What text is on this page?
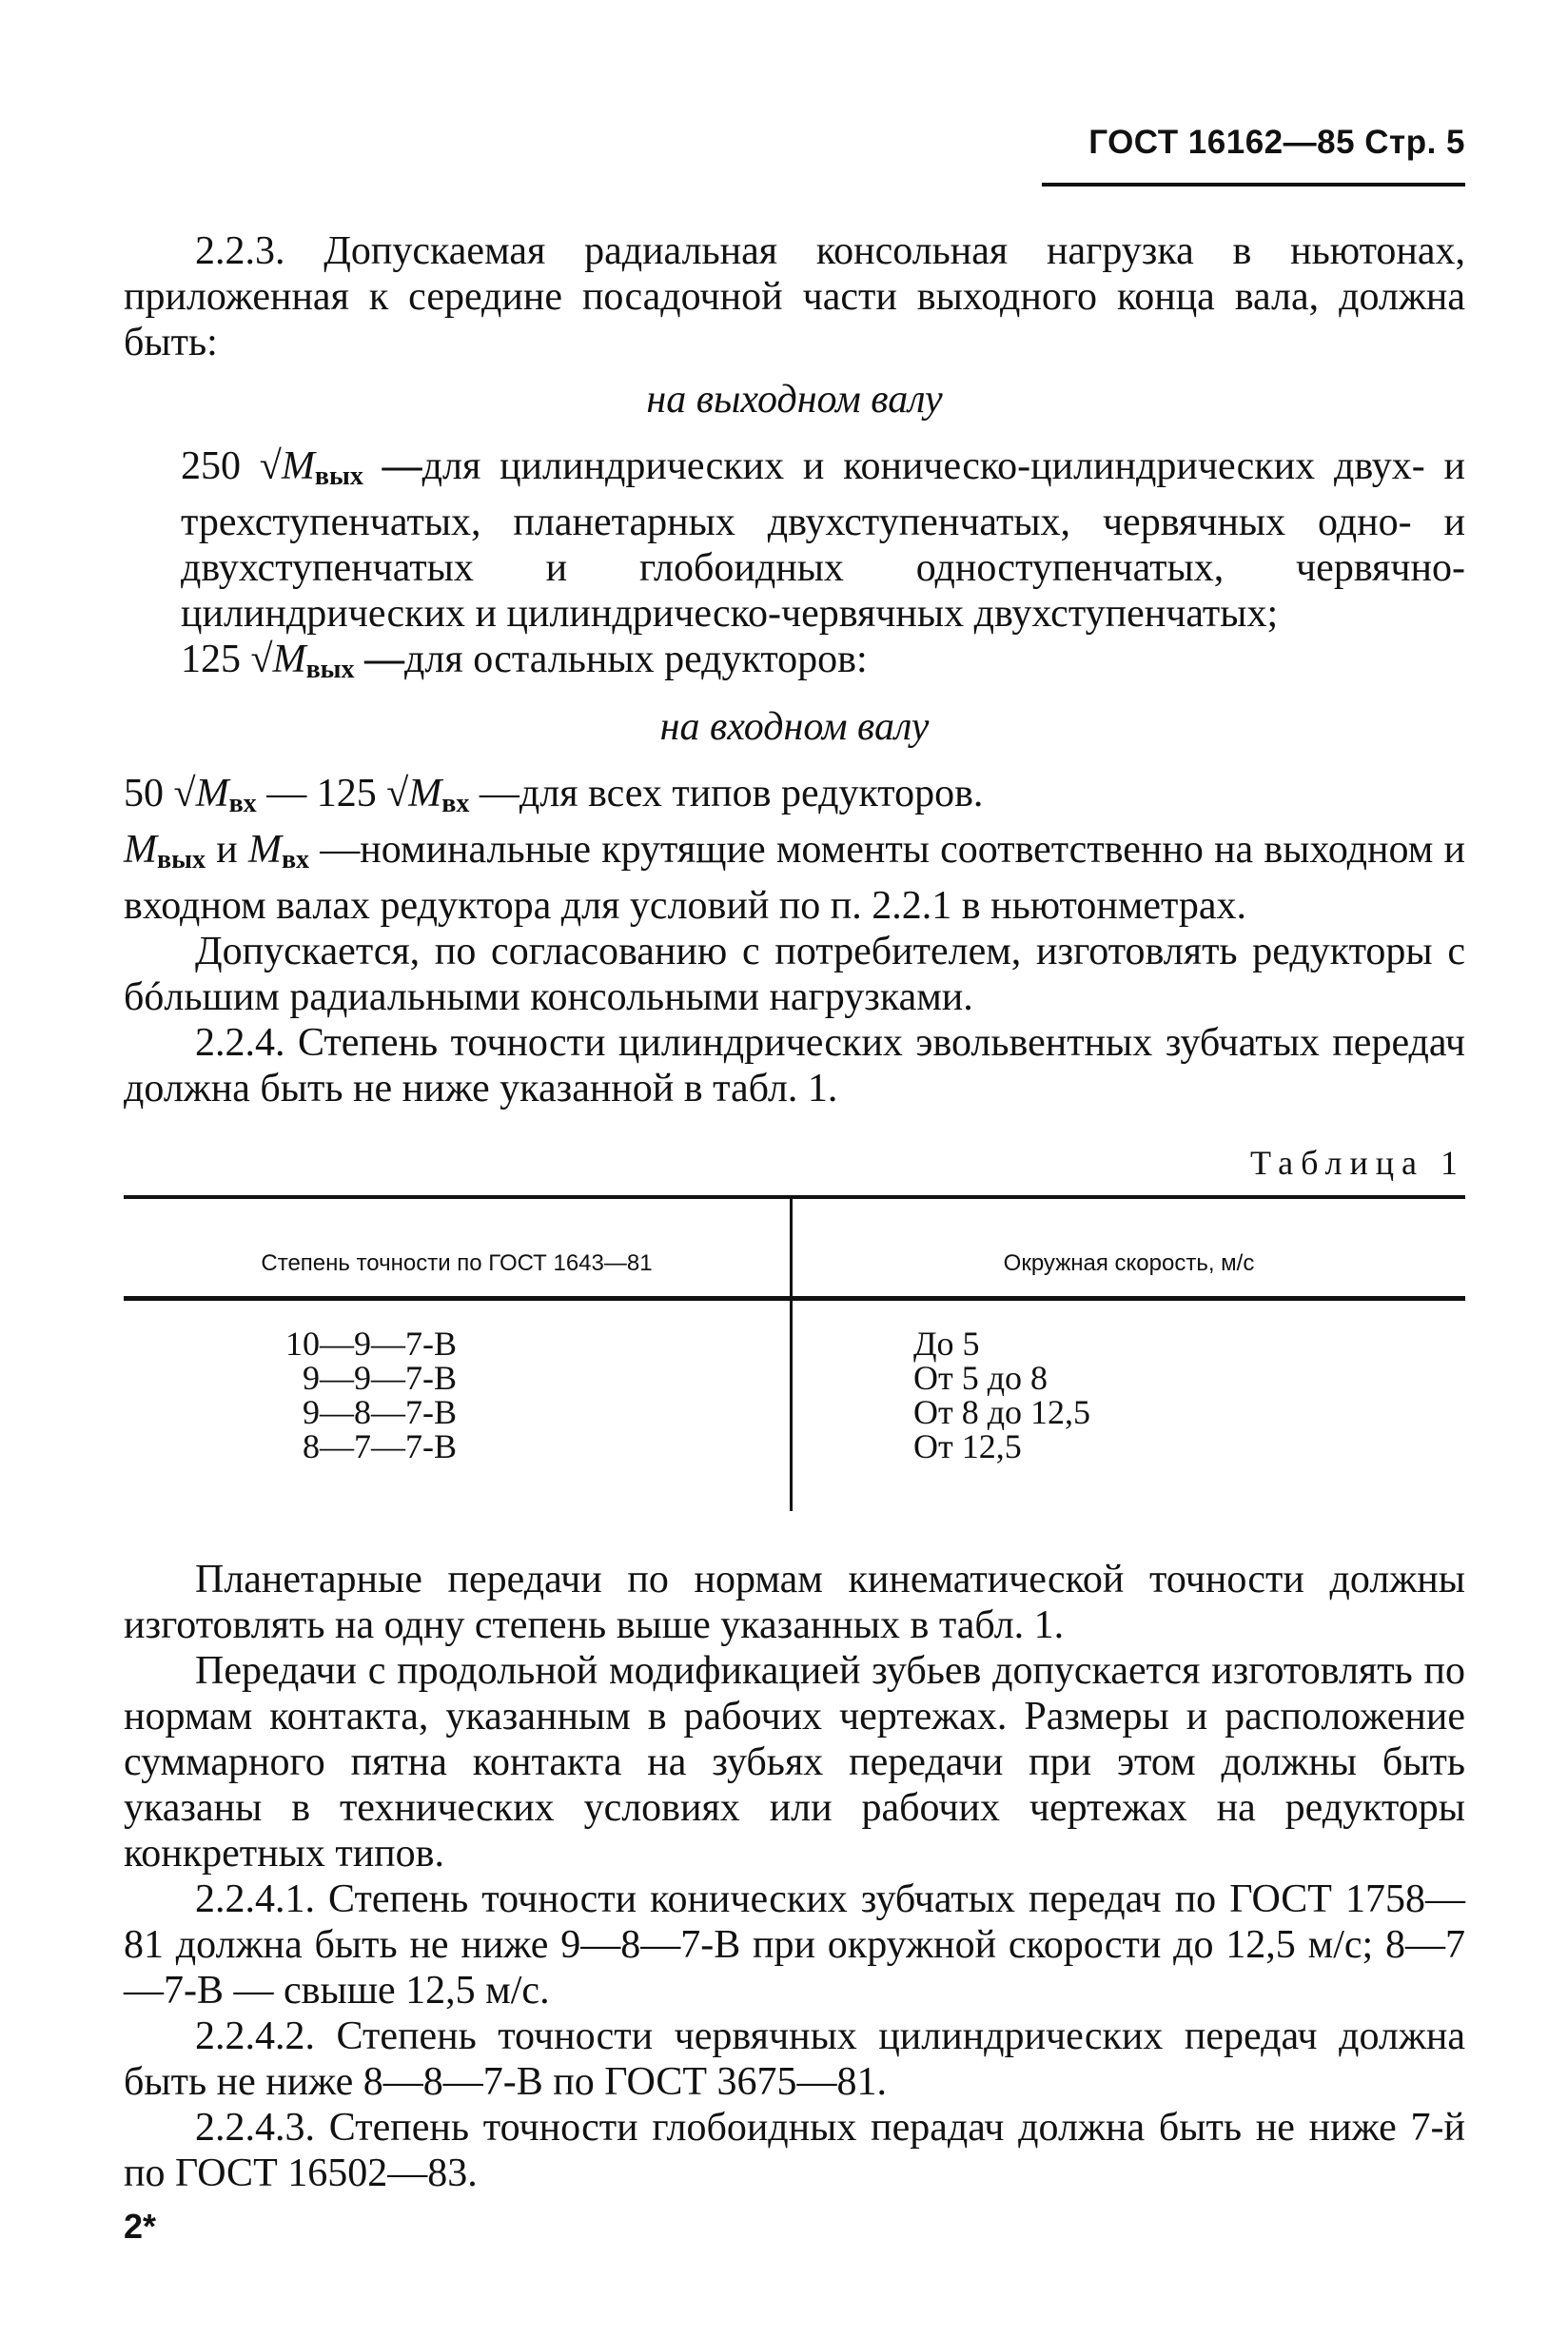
ГОСТ 16162—85 Стр. 5

2.2.3. Допускаемая радиальная консольная нагрузка в ньютонах, приложенная к середине посадочной части выходного конца вала, должна быть:

на выходном валу

250 $√M_{вых}$ —для цилиндрических и коническо-цилиндрических двух- и трехступенчатых, планетарных двухступенчатых, червячных одно- и двухступенчатых и глобоидных одноступенчатых, червячно-цилиндрических и цилиндрическо-червячных двухступенчатых;

125 $√M_{вых}$ —для остальных редукторов:

на входном валу

50 $√M_{вх}$ — 125 $√M_{вх}$ —для всех типов редукторов.

$M_{вых}$ и $M_{вх}$ —номинальные крутящие моменты соответственно на выходном и входном валах редуктора для условий по п. 2.2.1 в ньютонметрах.

Допускается, по согласованию с потребителем, изготовлять редукторы с бóльшим радиальными консольными нагрузками.

2.2.4. Степень точности цилиндрических эвольвентных зубчатых передач должна быть не ниже указанной в табл. 1.

Таблица 1
Степень точности по ГОСТ 1643—81	Окружная скорость, м/с
10—9—7-В
9—9—7-В
9—8—7-В
8—7—7-В
До 5
От 5 до 8
От 8 до 12,5
От 12,5

Планетарные передачи по нормам кинематической точности должны изготовлять на одну степень выше указанных в табл. 1.

Передачи с продольной модификацией зубьев допускается изготовлять по нормам контакта, указанным в рабочих чертежах. Размеры и расположение суммарного пятна контакта на зубьях передачи при этом должны быть указаны в технических условиях или рабочих чертежах на редукторы конкретных типов.

2.2.4.1. Степень точности конических зубчатых передач по ГОСТ 1758—81 должна быть не ниже 9—8—7-В при окружной скорости до 12,5 м/с; 8—7—7-В — свыше 12,5 м/с.

2.2.4.2. Степень точности червячных цилиндрических передач должна быть не ниже 8—8—7-В по ГОСТ 3675—81.

2.2.4.3. Степень точности глобоидных перадач должна быть не ниже 7-й по ГОСТ 16502—83.

2*
